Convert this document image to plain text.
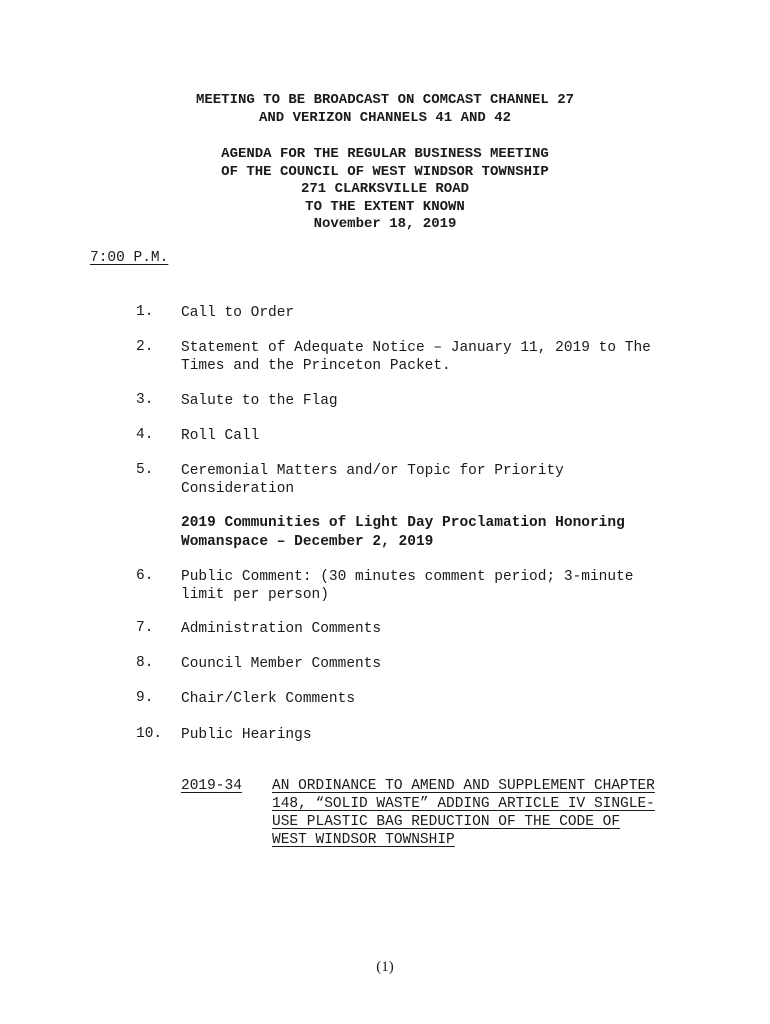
MEETING TO BE BROADCAST ON COMCAST CHANNEL 27
AND VERIZON CHANNELS 41 AND 42
AGENDA FOR THE REGULAR BUSINESS MEETING
OF THE COUNCIL OF WEST WINDSOR TOWNSHIP
271 CLARKSVILLE ROAD
TO THE EXTENT KNOWN
November 18, 2019
7:00 P.M.
1. Call to Order
2. Statement of Adequate Notice – January 11, 2019 to The
Times and the Princeton Packet.
3. Salute to the Flag
4. Roll Call
5. Ceremonial Matters and/or Topic for Priority
Consideration
2019 Communities of Light Day Proclamation Honoring
Womanspace – December 2, 2019
6. Public Comment: (30 minutes comment period; 3-minute
limit per person)
7. Administration Comments
8. Council Member Comments
9. Chair/Clerk Comments
10. Public Hearings
2019-34 AN ORDINANCE TO AMEND AND SUPPLEMENT CHAPTER
148, “SOLID WASTE” ADDING ARTICLE IV SINGLE-
USE PLASTIC BAG REDUCTION OF THE CODE OF
WEST WINDSOR TOWNSHIP
(1)
